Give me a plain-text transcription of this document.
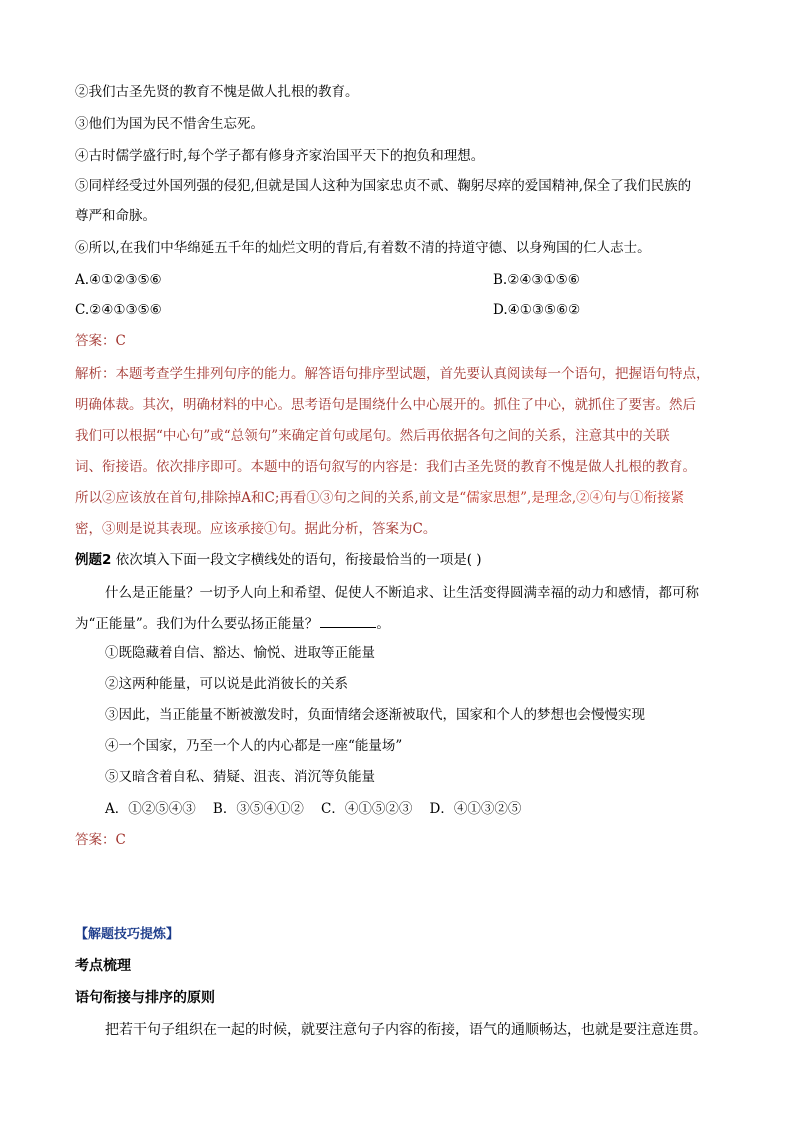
②我们古圣先贤的教育不愧是做人扎根的教育。
③他们为国为民不惜舍生忘死。
④古时儒学盛行时,每个学子都有修身齐家治国平天下的抱负和理想。
⑤同样经受过外国列强的侵犯,但就是国人这种为国家忠贞不贰、鞠躬尽瘁的爱国精神,保全了我们民族的
尊严和命脉。
⑥所以,在我们中华绵延五千年的灿烂文明的背后,有着数不清的持道守德、以身殉国的仁人志士。
A.④①②③⑤⑥	B.②④③①⑤⑥
C.②④①③⑤⑥	D.④①③⑤⑥②
答案：C
解析：本题考查学生排列句序的能力。解答语句排序型试题，首先要认真阅读每一个语句，把握语句特点，
明确体裁。其次，明确材料的中心。思考语句是围绕什么中心展开的。抓住了中心，就抓住了要害。然后
我们可以根据“中心句”或“总领句”来确定首句或尾句。然后再依据各句之间的关系，注意其中的关联
词、衔接语。依次排序即可。本题中的语句叙写的内容是：我们古圣先贤的教育不愧是做人扎根的教育。
所以②应该放在首句,排除掉A和C;再看①③句之间的关系,前文是“儒家思想”,是理念,②④句与①衔接紧
密，③则是说其表现。应该承接①句。据此分析，答案为C。
例题2 依次填入下面一段文字横线处的语句，衔接最恰当的一项是( )
什么是正能量？一切予人向上和希望、促使人不断追求、让生活变得圆满幸福的动力和感情，都可称
为“正能量”。我们为什么要弘扬正能量？	。
①既隐藏着自信、豁达、愉悦、进取等正能量
②这两种能量，可以说是此消彼长的关系
③因此，当正能量不断被激发时，负面情绪会逐渐被取代，国家和个人的梦想也会慢慢实现
④一个国家，乃至一个人的内心都是一座“能量场”
⑤又暗含着自私、猜疑、沮丧、消沉等负能量
A．①②⑤④③    B．③⑤④①②    C．④①⑤②③    D．④①③②⑤
答案：C
【解题技巧提炼】
考点梳理
语句衔接与排序的原则
把若干句子组织在一起的时候，就要注意句子内容的衔接，语气的通顺畅达，也就是要注意连贯。
